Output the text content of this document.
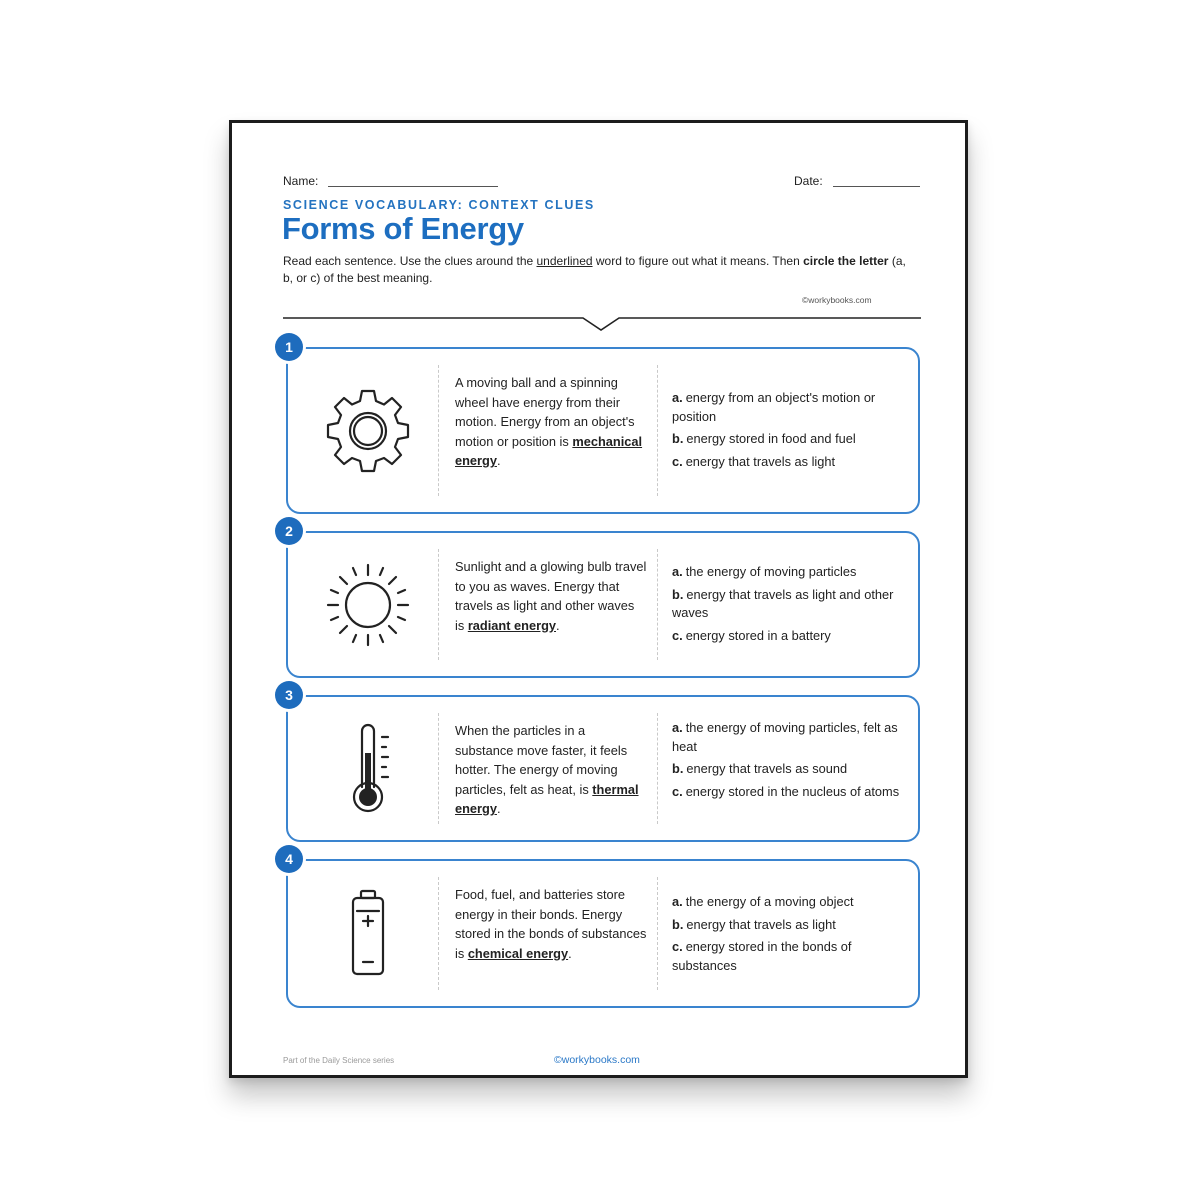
Name:	Date:
SCIENCE VOCABULARY: CONTEXT CLUES
Forms of Energy
Read each sentence. Use the clues around the underlined word to figure out what it means. Then circle the letter (a, b, or c) of the best meaning.
©workybooks.com
1
A moving ball and a spinning wheel have energy from their motion. Energy from an object's motion or position is mechanical energy.
a. energy from an object's motion or position
b. energy stored in food and fuel
c. energy that travels as light
2
Sunlight and a glowing bulb travel to you as waves. Energy that travels as light and other waves is radiant energy.
a. the energy of moving particles
b. energy that travels as light and other waves
c. energy stored in a battery
3
When the particles in a substance move faster, it feels hotter. The energy of moving particles, felt as heat, is thermal energy.
a. the energy of moving particles, felt as heat
b. energy that travels as sound
c. energy stored in the nucleus of atoms
4
Food, fuel, and batteries store energy in their bonds. Energy stored in the bonds of substances is chemical energy.
a. the energy of a moving object
b. energy that travels as light
c. energy stored in the bonds of substances
Part of the Daily Science series	©workybooks.com
